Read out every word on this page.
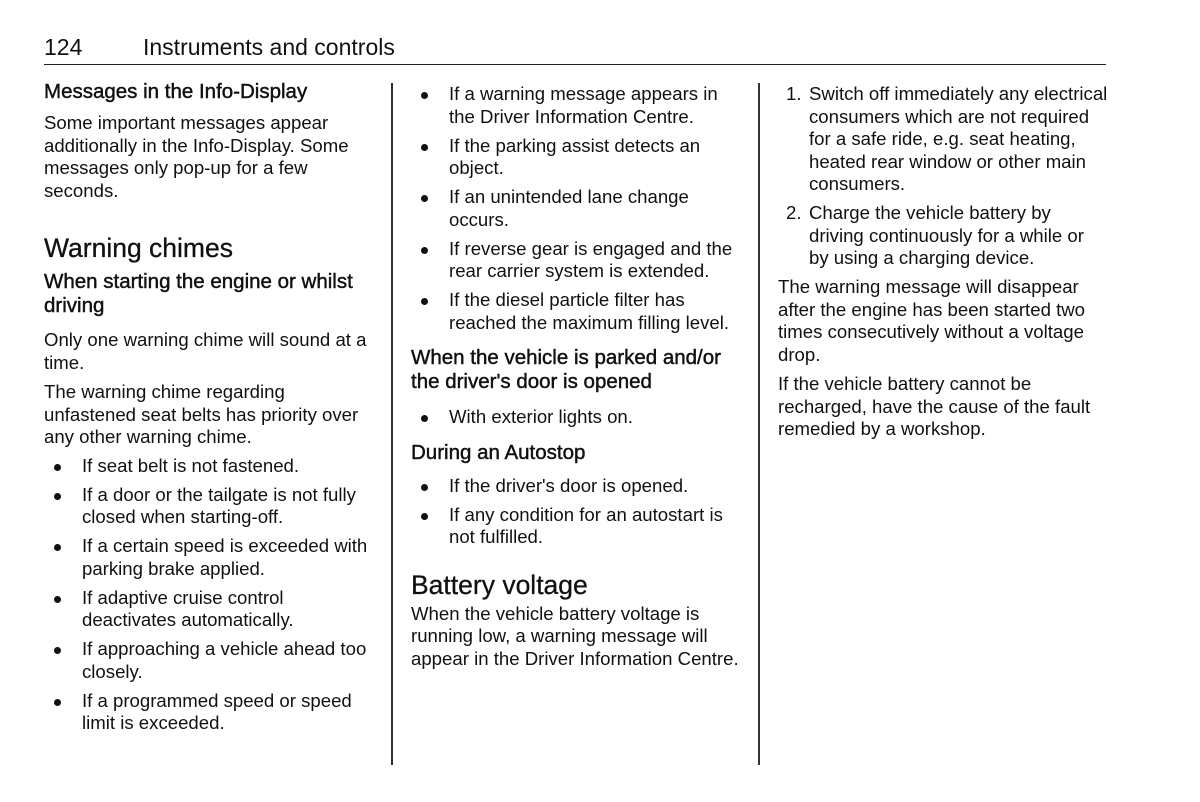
124	Instruments and controls
Messages in the Info-Display

Some important messages appear additionally in the Info-Display. Some messages only pop-up for a few seconds.

Warning chimes
When starting the engine or whilst driving

Only one warning chime will sound at a time.

The warning chime regarding unfastened seat belts has priority over any other warning chime.

If seat belt is not fastened.
If a door or the tailgate is not fully closed when starting-off.
If a certain speed is exceeded with parking brake applied.
If adaptive cruise control deactivates automatically.
If approaching a vehicle ahead too closely.
If a programmed speed or speed limit is exceeded.
If a warning message appears in the Driver Information Centre.
If the parking assist detects an object.
If an unintended lane change occurs.
If reverse gear is engaged and the rear carrier system is extended.
If the diesel particle filter has reached the maximum filling level.
When the vehicle is parked and/or the driver's door is opened
With exterior lights on.
During an Autostop
If the driver's door is opened.
If any condition for an autostart is not fulfilled.
Battery voltage

When the vehicle battery voltage is running low, a warning message will appear in the Driver Information Centre.

1. Switch off immediately any electrical consumers which are not required for a safe ride, e.g. seat heating, heated rear window or other main consumers.
2. Charge the vehicle battery by driving continuously for a while or by using a charging device.

The warning message will disappear after the engine has been started two times consecutively without a voltage drop.

If the vehicle battery cannot be recharged, have the cause of the fault remedied by a workshop.
